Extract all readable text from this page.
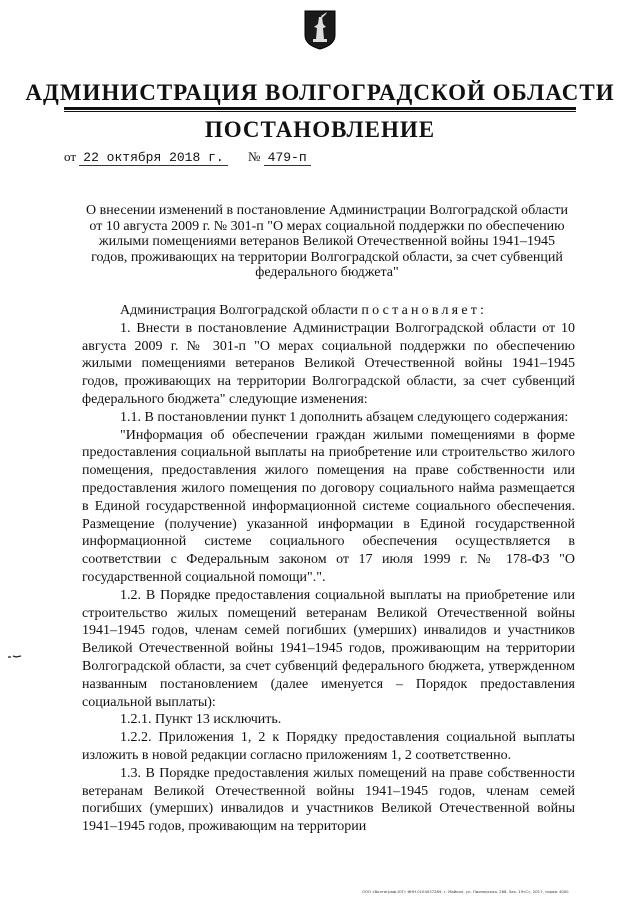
АДМИНИСТРАЦИЯ ВОЛГОГРАДСКОЙ ОБЛАСТИ
ПОСТАНОВЛЕНИЕ
от 22 октября 2018 г.	№ 479-п
О внесении изменений в постановление Администрации Волгоградской области от 10 августа 2009 г. № 301-п "О мерах социальной поддержки по обеспечению жилыми помещениями ветеранов Великой Отечественной войны 1941–1945 годов, проживающих на территории Волгоградской области, за счет субвенций федерального бюджета"

Администрация Волгоградской области постановляет:

1. Внести в постановление Администрации Волгоградской области от 10 августа 2009 г. № 301-п "О мерах социальной поддержки по обеспечению жилыми помещениями ветеранов Великой Отечественной войны 1941–1945 годов, проживающих на территории Волгоградской области, за счет субвенций федерального бюджета" следующие изменения:

1.1. В постановлении пункт 1 дополнить абзацем следующего содержания:

"Информация об обеспечении граждан жилыми помещениями в форме предоставления социальной выплаты на приобретение или строительство жилого помещения, предоставления жилого помещения на праве собственности или предоставления жилого помещения по договору социального найма размещается в Единой государственной информационной системе социального обеспечения. Размещение (получение) указанной информации в Единой государственной информационной системе социального обеспечения осуществляется в соответствии с Федеральным законом от 17 июля 1999 г. № 178-ФЗ "О государственной социальной помощи".".

1.2. В Порядке предоставления социальной выплаты на приобретение или строительство жилых помещений ветеранам Великой Отечественной войны 1941–1945 годов, членам семей погибших (умерших) инвалидов и участников Великой Отечественной войны 1941–1945 годов, проживающим на территории Волгоградской области, за счет субвенций федерального бюджета, утвержденном названным постановлением (далее именуется – Порядок предоставления социальной выплаты):

1.2.1. Пункт 13 исключить.

1.2.2. Приложения 1, 2 к Порядку предоставления социальной выплаты изложить в новой редакции согласно приложениям 1, 2 соответственно.

1.3. В Порядке предоставления жилых помещений на праве собственности ветеранам Великой Отечественной войны 1941–1945 годов, членам семей погибших (умерших) инвалидов и участников Великой Отечественной войны 1941–1945 годов, проживающим на территории

ООО «Волгограф-ЮГ» ИНН 0104037289, г. Майкоп, ул. Пионерская, 268. Зак. 19«С», 2017, тираж 4000
